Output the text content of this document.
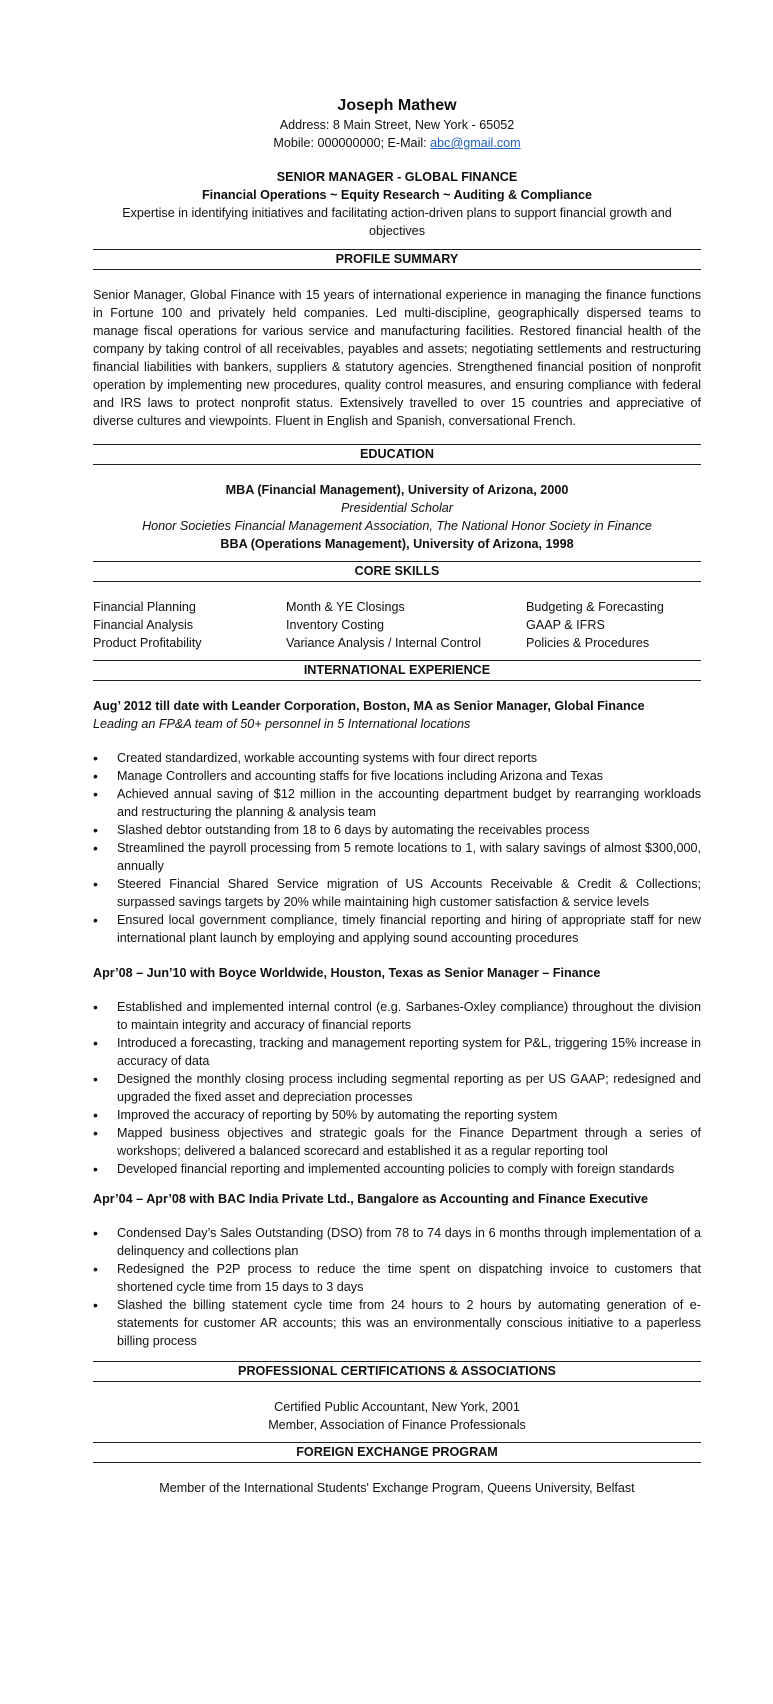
Joseph Mathew
Address: 8 Main Street, New York - 65052
Mobile: 000000000; E-Mail: abc@gmail.com
SENIOR MANAGER - GLOBAL FINANCE
Financial Operations ~ Equity Research ~ Auditing & Compliance
Expertise in identifying initiatives and facilitating action-driven plans to support financial growth and objectives
PROFILE SUMMARY
Senior Manager, Global Finance with 15 years of international experience in managing the finance functions in Fortune 100 and privately held companies. Led multi-discipline, geographically dispersed teams to manage fiscal operations for various service and manufacturing facilities. Restored financial health of the company by taking control of all receivables, payables and assets; negotiating settlements and restructuring financial liabilities with bankers, suppliers & statutory agencies. Strengthened financial position of nonprofit operation by implementing new procedures, quality control measures, and ensuring compliance with federal and IRS laws to protect nonprofit status. Extensively travelled to over 15 countries and appreciative of diverse cultures and viewpoints. Fluent in English and Spanish, conversational French.
EDUCATION
MBA (Financial Management), University of Arizona, 2000
Presidential Scholar
Honor Societies Financial Management Association, The National Honor Society in Finance
BBA (Operations Management), University of Arizona, 1998
CORE SKILLS
Financial Planning	Month & YE Closings	Budgeting & Forecasting
Financial Analysis	Inventory Costing	GAAP & IFRS
Product Profitability	Variance Analysis / Internal Control	Policies & Procedures
INTERNATIONAL EXPERIENCE
Aug’ 2012 till date with Leander Corporation, Boston, MA as Senior Manager, Global Finance
Leading an FP&A team of 50+ personnel in 5 International locations
• Created standardized, workable accounting systems with four direct reports
• Manage Controllers and accounting staffs for five locations including Arizona and Texas
• Achieved annual saving of $12 million in the accounting department budget by rearranging workloads and restructuring the planning & analysis team
• Slashed debtor outstanding from 18 to 6 days by automating the receivables process
• Streamlined the payroll processing from 5 remote locations to 1, with salary savings of almost $300,000, annually
• Steered Financial Shared Service migration of US Accounts Receivable & Credit & Collections; surpassed savings targets by 20% while maintaining high customer satisfaction & service levels
• Ensured local government compliance, timely financial reporting and hiring of appropriate staff for new international plant launch by employing and applying sound accounting procedures
Apr’08 – Jun’10 with Boyce Worldwide, Houston, Texas as Senior Manager – Finance
• Established and implemented internal control (e.g. Sarbanes-Oxley compliance) throughout the division to maintain integrity and accuracy of financial reports
• Introduced a forecasting, tracking and management reporting system for P&L, triggering 15% increase in accuracy of data
• Designed the monthly closing process including segmental reporting as per US GAAP; redesigned and upgraded the fixed asset and depreciation processes
• Improved the accuracy of reporting by 50% by automating the reporting system
• Mapped business objectives and strategic goals for the Finance Department through a series of workshops; delivered a balanced scorecard and established it as a regular reporting tool
• Developed financial reporting and implemented accounting policies to comply with foreign standards
Apr’04 – Apr’08 with BAC India Private Ltd., Bangalore as Accounting and Finance Executive
• Condensed Day’s Sales Outstanding (DSO) from 78 to 74 days in 6 months through implementation of a delinquency and collections plan
• Redesigned the P2P process to reduce the time spent on dispatching invoice to customers that shortened cycle time from 15 days to 3 days
• Slashed the billing statement cycle time from 24 hours to 2 hours by automating generation of e-statements for customer AR accounts; this was an environmentally conscious initiative to a paperless billing process
PROFESSIONAL CERTIFICATIONS & ASSOCIATIONS
Certified Public Accountant, New York, 2001
Member, Association of Finance Professionals
FOREIGN EXCHANGE PROGRAM
Member of the International Students' Exchange Program, Queens University, Belfast
